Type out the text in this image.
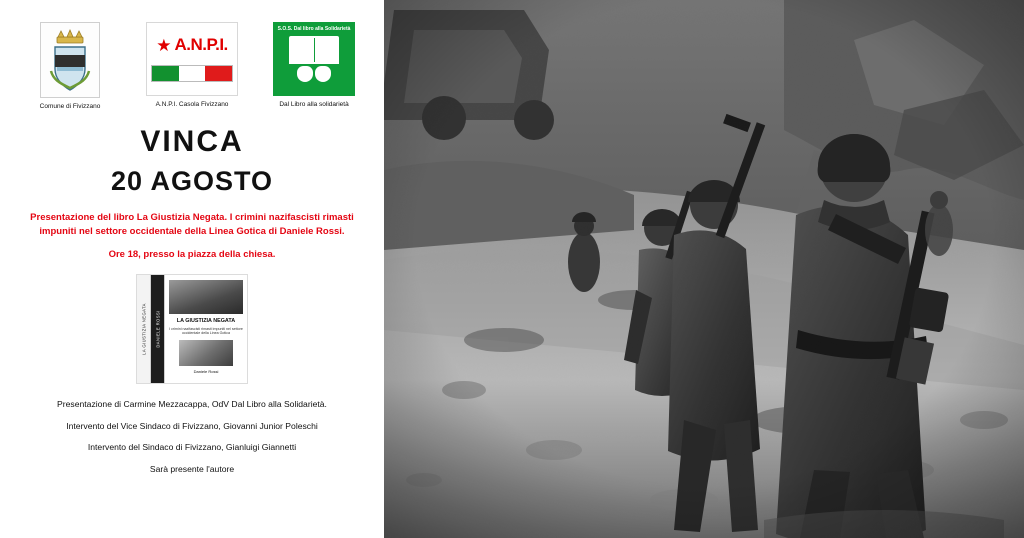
Comune di Fivizzano
★ A.N.P.I.
A.N.P.I. Casola Fivizzano
S.O.S. Dal libro alla Solidarietà
Dal Libro alla solidarietà
VINCA
20 AGOSTO
Presentazione del libro La Giustizia Negata. I crimini nazifascisti rimasti impuniti nel settore occidentale della Linea Gotica di Daniele Rossi.
Ore 18, presso la piazza della chiesa.
LA GIUSTIZIA NEGATA DANIELE ROSSI	LA GIUSTIZIA NEGATA
I crimini nazifascisti rimasti impuniti nel settore occidentale della Linea Gotica
Daniele Rossi
Presentazione di Carmine Mezzacappa, OdV Dal Libro alla Solidarietà.
Intervento del Vice Sindaco di Fivizzano, Giovanni Junior Poleschi
Intervento del Sindaco di Fivizzano, Gianluigi Giannetti
Sarà presente l'autore
